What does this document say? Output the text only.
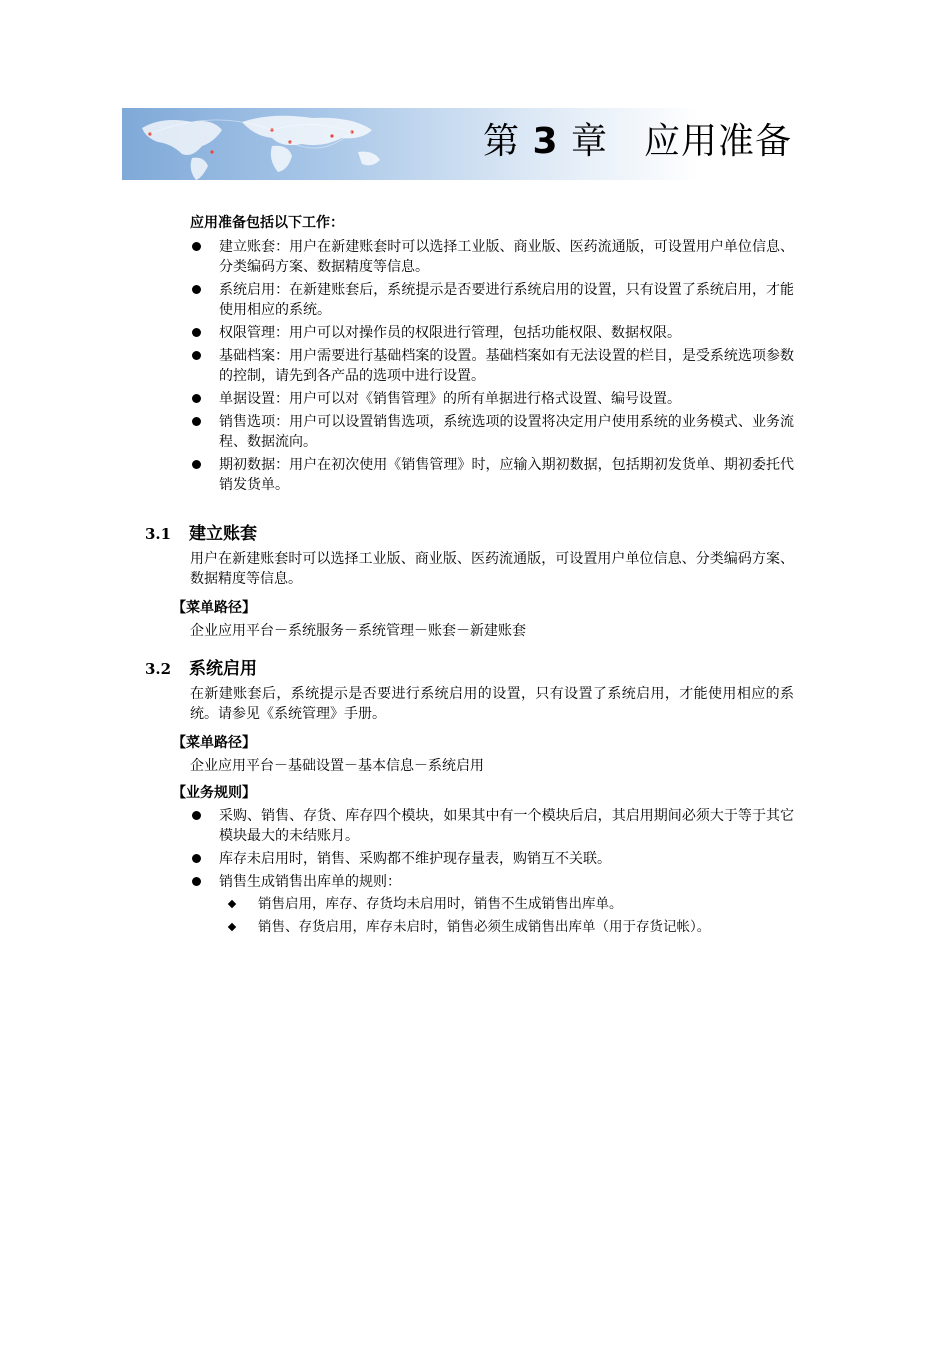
第 3 章 应用准备
应用准备包括以下工作：
建立账套：用户在新建账套时可以选择工业版、商业版、医药流通版，可设置用户单位信息、分类编码方案、数据精度等信息。
系统启用：在新建账套后，系统提示是否要进行系统启用的设置，只有设置了系统启用，才能使用相应的系统。
权限管理：用户可以对操作员的权限进行管理，包括功能权限、数据权限。
基础档案：用户需要进行基础档案的设置。基础档案如有无法设置的栏目，是受系统选项参数的控制，请先到各产品的选项中进行设置。
单据设置：用户可以对《销售管理》的所有单据进行格式设置、编号设置。
销售选项：用户可以设置销售选项，系统选项的设置将决定用户使用系统的业务模式、业务流程、数据流向。
期初数据：用户在初次使用《销售管理》时，应输入期初数据，包括期初发货单、期初委托代销发货单。
3.1 建立账套
用户在新建账套时可以选择工业版、商业版、医药流通版，可设置用户单位信息、分类编码方案、数据精度等信息。
【菜单路径】
企业应用平台－系统服务－系统管理－账套－新建账套
3.2 系统启用
在新建账套后，系统提示是否要进行系统启用的设置，只有设置了系统启用，才能使用相应的系统。请参见《系统管理》手册。
【菜单路径】
企业应用平台－基础设置－基本信息－系统启用
【业务规则】
采购、销售、存货、库存四个模块，如果其中有一个模块后启，其启用期间必须大于等于其它模块最大的未结账月。
库存未启用时，销售、采购都不维护现存量表，购销互不关联。
销售生成销售出库单的规则：
销售启用，库存、存货均未启用时，销售不生成销售出库单。
销售、存货启用，库存未启时，销售必须生成销售出库单（用于存货记帐）。
